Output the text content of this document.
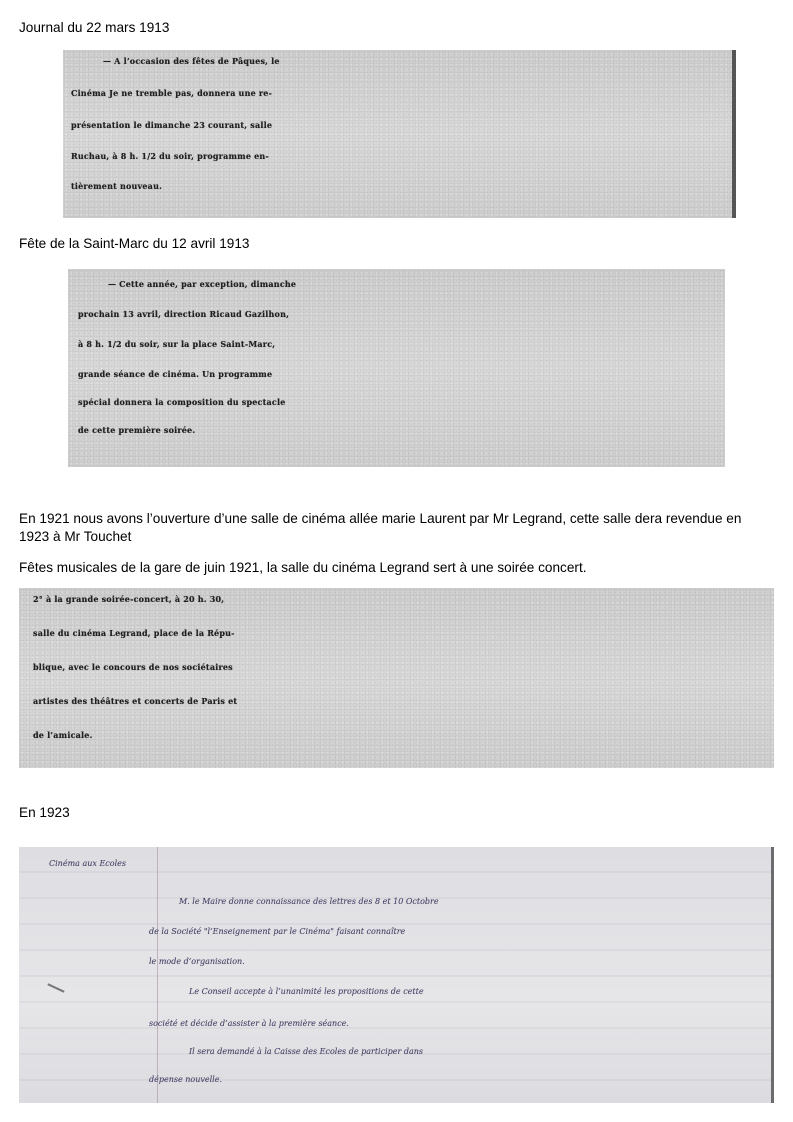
Journal du 22 mars 1913

— A l’occasion des fêtes de Pâques, le
Cinéma Je ne tremble pas, donnera une re-
présentation le dimanche 23 courant, salle
Ruchau, à 8 h. 1/2 du soir, programme en-
tièrement nouveau.

Fête de la Saint-Marc du 12 avril 1913

— Cette année, par exception, dimanche
prochain 13 avril, direction Ricaud Gazilhon,
à 8 h. 1/2 du soir, sur la place Saint-Marc,
grande séance de cinéma. Un programme
spécial donnera la composition du spectacle
de cette première soirée.

En 1921 nous avons l’ouverture d’une salle de cinéma allée marie Laurent par Mr Legrand, cette salle dera revendue en 1923 à Mr Touchet

Fêtes musicales de la gare de juin 1921, la salle du cinéma Legrand sert à une soirée concert.

2° à la grande soirée-concert, à 20 h. 30,
salle du cinéma Legrand, place de la Répu-
blique, avec le concours de nos sociétaires
artistes des théâtres et concerts de Paris et
de l’amicale.

En 1923

Cinéma aux Ecoles
M. le Maire donne connaissance des lettres des 8 et 10 Octobre
de la Société "l’Enseignement par le Cinéma" faisant connaître
le mode d’organisation.
Le Conseil accepte à l’unanimité les propositions de cette
société et décide d’assister à la première séance.
Il sera demandé à la Caisse des Ecoles de participer dans
dépense nouvelle.
